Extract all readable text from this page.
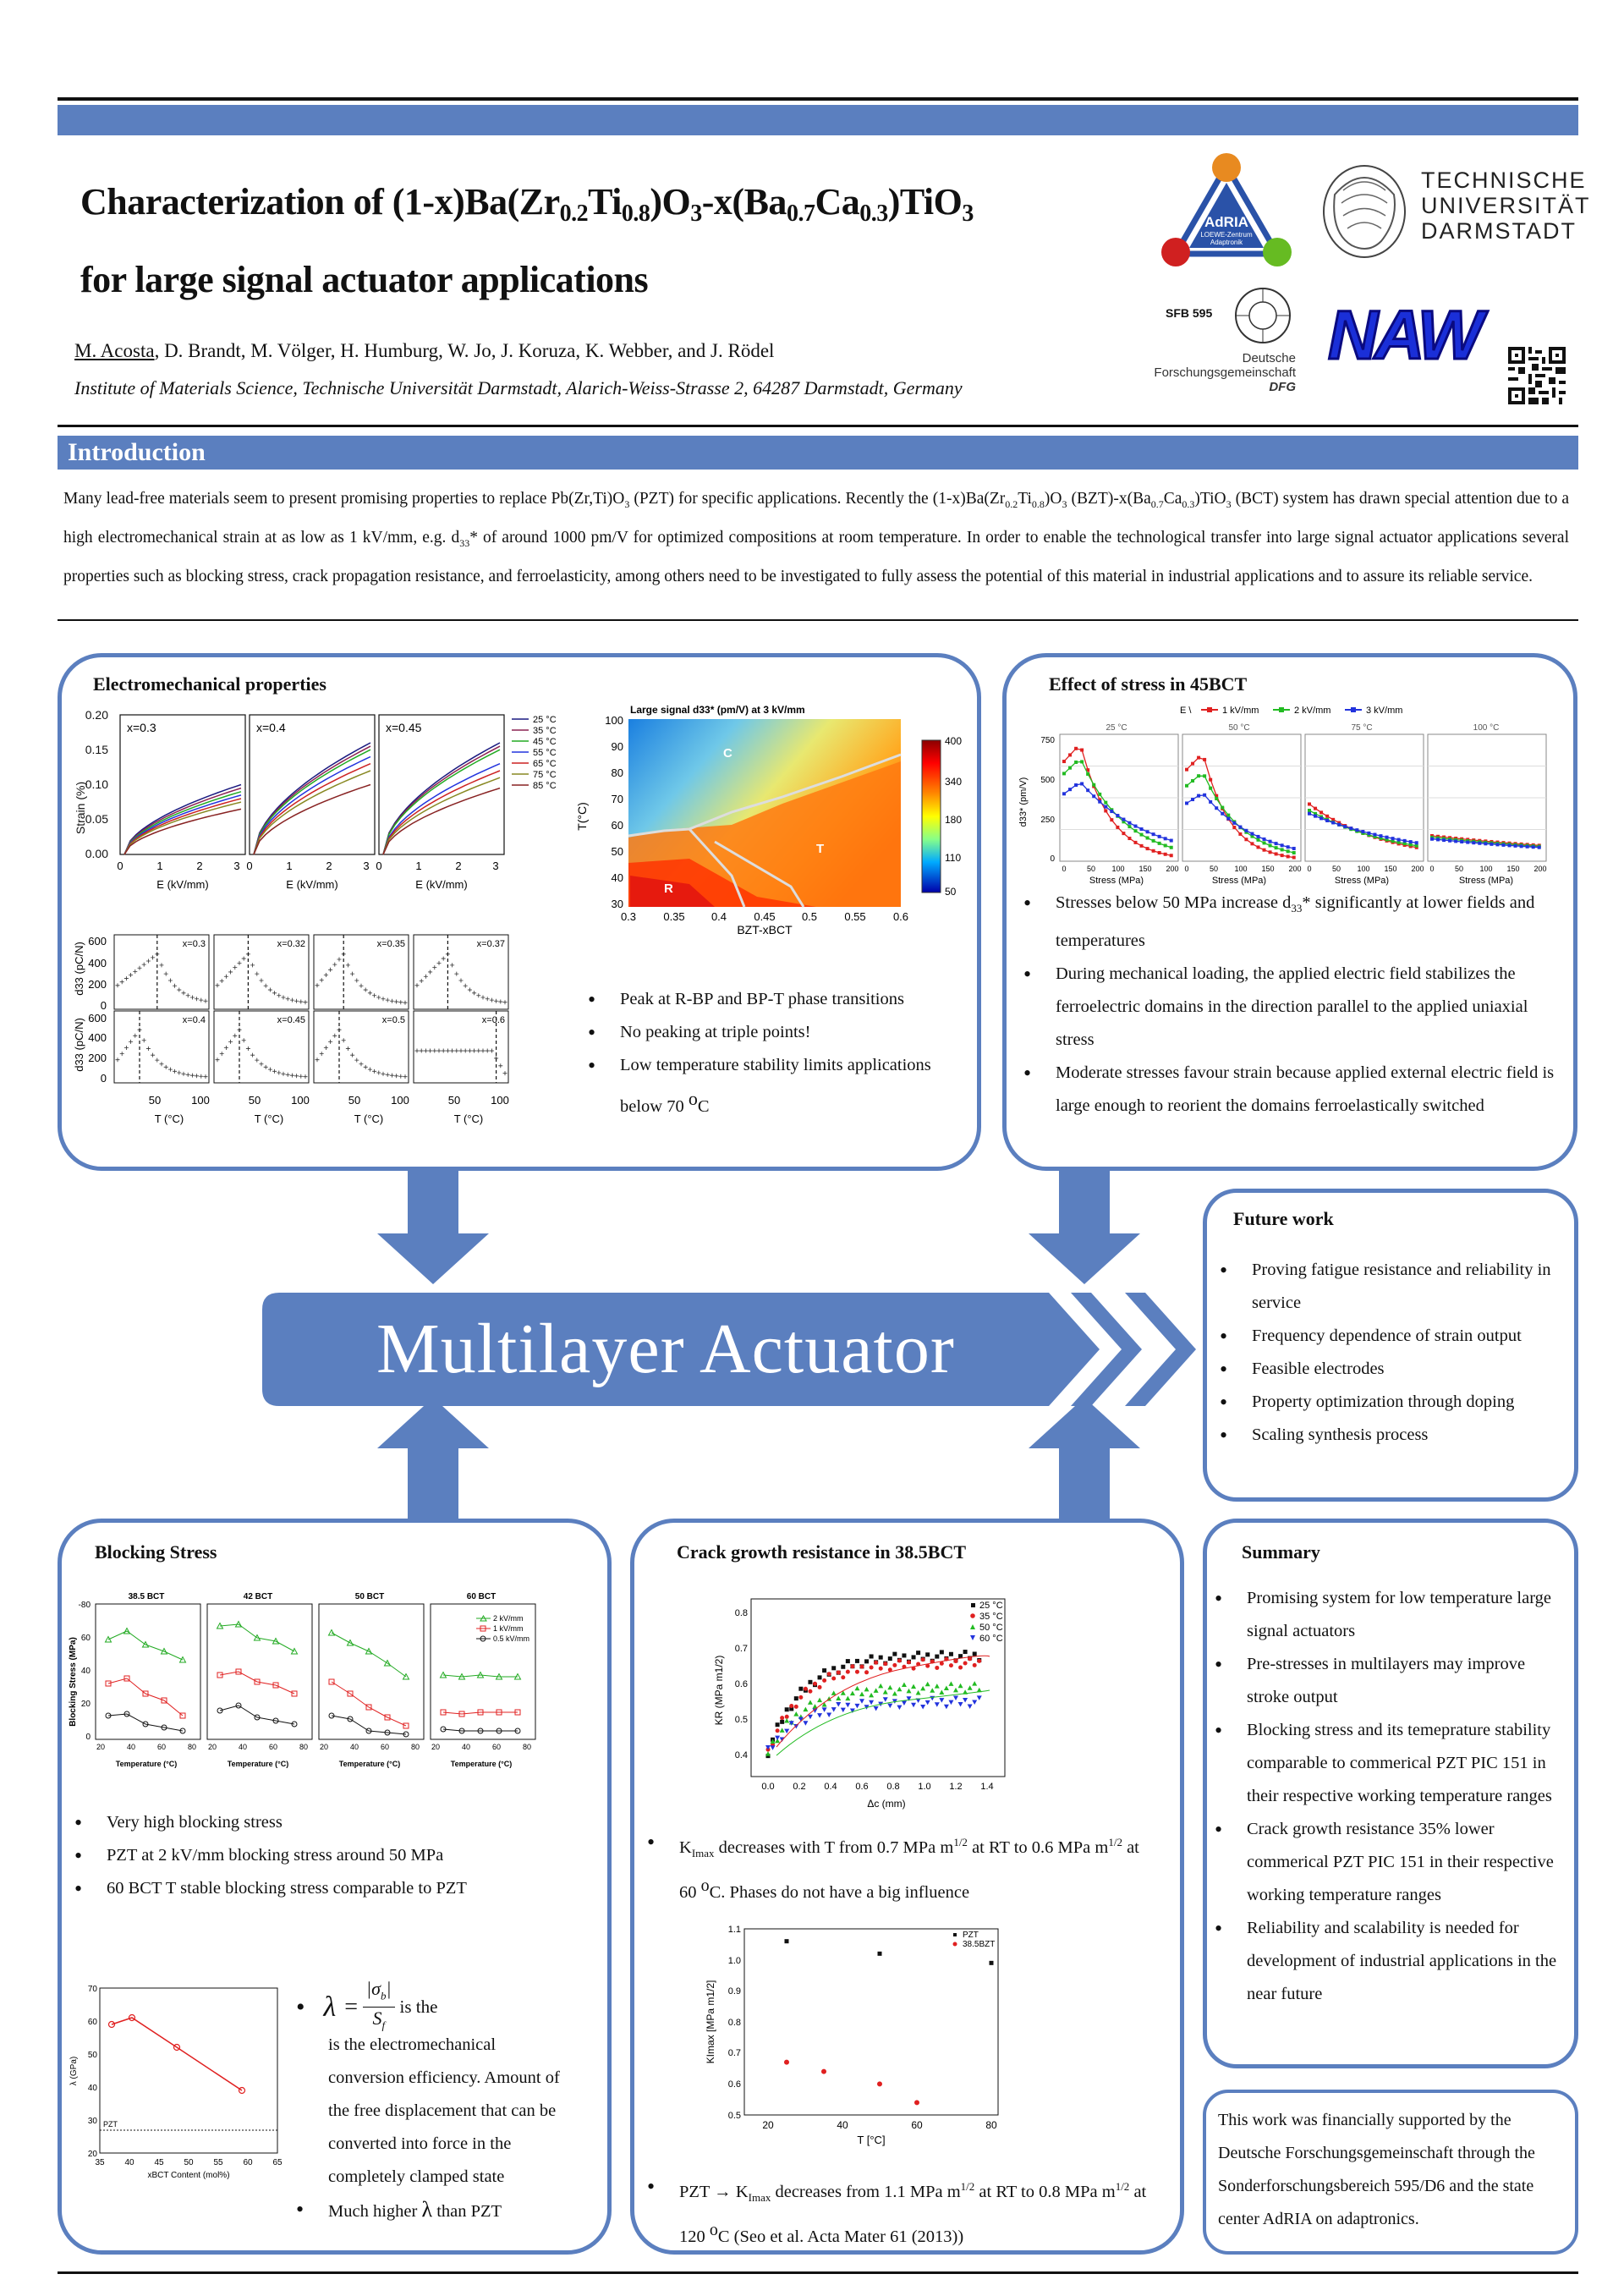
Characterization of $(1-x)Ba(Zr_{0.2}Ti_{0.8})O_3-x(Ba_{0.7}Ca_{0.3})TiO_3$
for large signal actuator applications
M. Acosta, D. Brandt, M. Völger, H. Humburg, W. Jo, J. Koruza, K. Webber, and J. Rödel
Institute of Materials Science, Technische Universität Darmstadt, Alarich-Weiss-Strasse 2, 64287 Darmstadt, Germany
AdRIA
LOEWE-Zentrum
Adaptronik
TECHNISCHE
UNIVERSITÄT
DARMSTADT
SFB 595
Deutsche
Forschungsgemeinschaft
DFG
NAW
Introduction
Many lead-free materials seem to present promising properties to replace $Pb(Zr,Ti)O_3$ (PZT) for specific applications. Recently the $(1-x)Ba(Zr_{0.2}Ti_{0.8})O_3$ $(BZT)-x(Ba_{0.7}Ca_{0.3})TiO_3$ (BCT) system has drawn special attention due to a high electromechanical strain at as low as 1 kV/mm, e.g. $d_{33}*$ of around 1000 pm/V for optimized compositions at room temperature. In order to enable the technological transfer into large signal actuator applications several properties such as blocking stress, crack propagation resistance, and ferroelasticity, among others need to be investigated to fully assess the potential of this material in industrial applications and to assure its reliable service.
Multilayer Actuator
Electromechanical properties
Strain (%)
0.20
0.15
0.10
0.05
0.00
x=0.3	x=0.4	x=0.45
0	1	2	3 0	1	2	3 0	1	2	3
E (kV/mm)	E (kV/mm)	E (kV/mm)
25 °C
35 °C
45 °C
55 °C
65 °C
75 °C
85 °C
d33 (pC/N)
d33 (pC/N)
600
400
200
0
600
400
200
0
x=0.3	x=0.32	x=0.35	x=0.37
x=0.4	x=0.45	x=0.5	x=0.6
50	100	50	100	50	100	50	100
T (°C)	T (°C)	T (°C)	T (°C)
Large signal d33* (pm/V) at 3 kV/mm
C
T
R
100
90
80
70
60
50
40
30
T(°C)
0.3 0.35 0.4 0.45 0.5 0.55 0.6
BZT-xBCT
400
340
180
110
50
• Peak at R-BP and BP-T phase transitions
• No peaking at triple points!
• Low temperature stability limits applications below 70 $^o$C
Effect of stress in 45BCT
E \	1 kV/mm	2 kV/mm	3 kV/mm
25 °C	50 °C	75 °C	100 °C
750
500
250
0
d33* (pm/V)
0	50 100 150 200 0	50 100 150 200 0	50 100 150 200 0	50 100 150 200
Stress (MPa)	Stress (MPa)	Stress (MPa)	Stress (MPa)
• Stresses below 50 MPa increase $d_{33}*$ significantly at lower fields and temperatures
• During mechanical loading, the applied electric field stabilizes the ferroelectric domains in the direction parallel to the applied uniaxial stress
• Moderate stresses favour strain because applied external electric field is large enough to reorient the domains ferroelastically switched
Future work
• Proving fatigue resistance and reliability in service
• Frequency dependence of strain output
• Feasible electrodes
• Property optimization through doping
• Scaling synthesis process
Blocking Stress
Blocking Stress (MPa)
-80
60
40
20
0
38.5 BCT	42 BCT	50 BCT	60 BCT
20	40	60	80 20	40	60	80 20	40	60	80 20	40	60	80
Temperature (°C)	Temperature (°C)	Temperature (°C)	Temperature (°C)
2 kV/mm
1 kV/mm
0.5 kV/mm
• Very high blocking stress
• PZT at 2 kV/mm blocking stress around 50 MPa
• 60 BCT T stable blocking stress comparable to PZT
70
60
50
40
30
20
35 40 45 50 55 60 65
xBCT Content (mol%)
λ (GPa)
PZT
• $\lambda = \frac{|\sigma_b|}{S_f}$ is the
is the electromechanical conversion efficiency. Amount of the free displacement that can be converted into force in the completely clamped state
• Much higher λ than PZT
Crack growth resistance in 38.5BCT
0.8
0.7
0.6
0.5
0.4
0.0 0.2 0.4 0.6 0.8 1.0 1.2 1.4
Δc (mm)
KR (MPa m1/2)
25 °C
35 °C
50 °C
60 °C
• $K_{Imax}$ decreases with T from 0.7 MPa $m^{1/2}$ at RT to 0.6 MPa $m^{1/2}$ at 60 $^o$C. Phases do not have a big influence
1.1
1.0
0.9
0.8
0.7
0.6
0.5
20	40	60	80
T [°C]
KImax [MPa m1/2]
PZT
38.5BZT
• PZT → $K_{Imax}$ decreases from 1.1 MPa $m^{1/2}$ at RT to 0.8 MPa $m^{1/2}$ at 120 $^o$C (Seo et al. Acta Mater 61 (2013))
Summary
• Promising system for low temperature large signal actuators
• Pre-stresses in multilayers may improve stroke output
• Blocking stress and its temeprature stability comparable to commerical PZT PIC 151 in their respective working temperature ranges
• Crack growth resistance 35% lower commerical PZT PIC 151 in their respective working temperature ranges
• Reliability and scalability is needed for development of industrial applications in the near future
This work was financially supported by the Deutsche Forschungsgemeinschaft through the Sonderforschungsbereich 595/D6 and the state center AdRIA on adaptronics.
